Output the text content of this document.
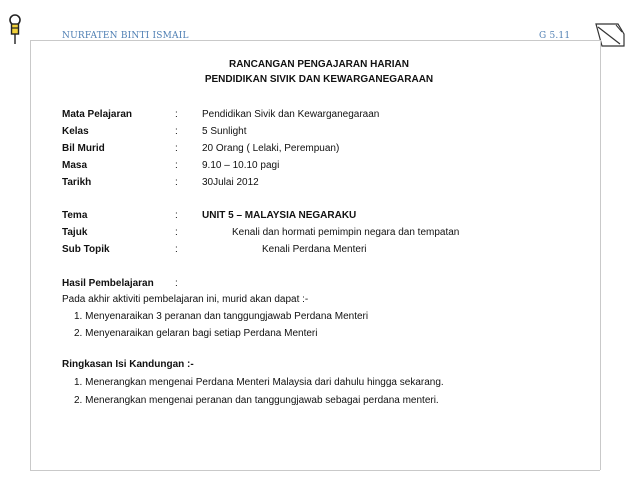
NURFATEN BINTI ISMAIL	G 5.11
RANCANGAN PENGAJARAN HARIAN
PENDIDIKAN SIVIK DAN KEWARGANEGARAAN
Mata Pelajaran	: Pendidikan Sivik dan Kewarganegaraan
Kelas	: 5 Sunlight
Bil Murid	: 20 Orang ( Lelaki, Perempuan)
Masa	: 9.10 – 10.10 pagi
Tarikh	: 30Julai 2012
Tema	: UNIT 5 – MALAYSIA NEGARAKU
Tajuk	:	Kenali dan hormati pemimpin negara dan tempatan
Sub Topik	:	Kenali Perdana Menteri
Hasil Pembelajaran :
Pada akhir aktiviti pembelajaran ini, murid akan dapat :-
1. Menyenaraikan 3 peranan dan tanggungjawab Perdana Menteri
2. Menyenaraikan gelaran bagi setiap Perdana Menteri
Ringkasan Isi Kandungan :-
1. Menerangkan mengenai Perdana Menteri Malaysia dari dahulu hingga sekarang.
2. Menerangkan mengenai peranan dan tanggungjawab sebagai perdana menteri.
